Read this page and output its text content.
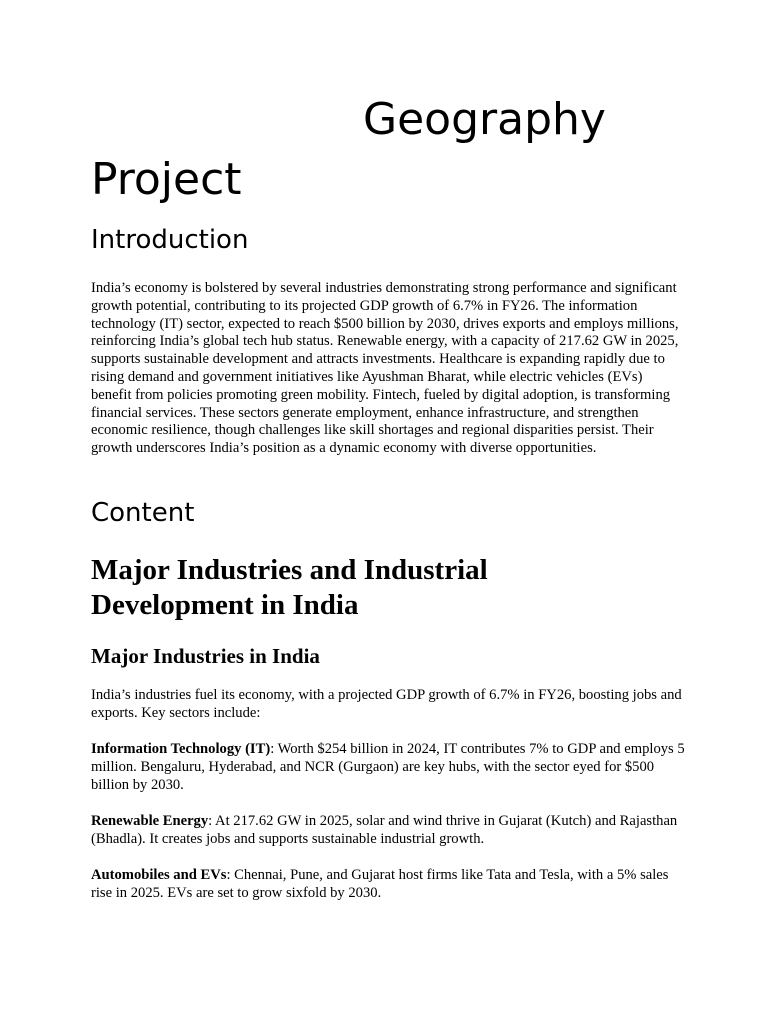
Geography
Project
Introduction
India’s economy is bolstered by several industries demonstrating strong performance and significant growth potential, contributing to its projected GDP growth of 6.7% in FY26. The information technology (IT) sector, expected to reach $500 billion by 2030, drives exports and employs millions, reinforcing India’s global tech hub status. Renewable energy, with a capacity of 217.62 GW in 2025, supports sustainable development and attracts investments. Healthcare is expanding rapidly due to rising demand and government initiatives like Ayushman Bharat, while electric vehicles (EVs) benefit from policies promoting green mobility. Fintech, fueled by digital adoption, is transforming financial services. These sectors generate employment, enhance infrastructure, and strengthen economic resilience, though challenges like skill shortages and regional disparities persist. Their growth underscores India’s position as a dynamic economy with diverse opportunities.
Content
Major Industries and Industrial Development in India
Major Industries in India
India’s industries fuel its economy, with a projected GDP growth of 6.7% in FY26, boosting jobs and exports. Key sectors include:
Information Technology (IT): Worth $254 billion in 2024, IT contributes 7% to GDP and employs 5 million. Bengaluru, Hyderabad, and NCR (Gurgaon) are key hubs, with the sector eyed for $500 billion by 2030.
Renewable Energy: At 217.62 GW in 2025, solar and wind thrive in Gujarat (Kutch) and Rajasthan (Bhadla). It creates jobs and supports sustainable industrial growth.
Automobiles and EVs: Chennai, Pune, and Gujarat host firms like Tata and Tesla, with a 5% sales rise in 2025. EVs are set to grow sixfold by 2030.
